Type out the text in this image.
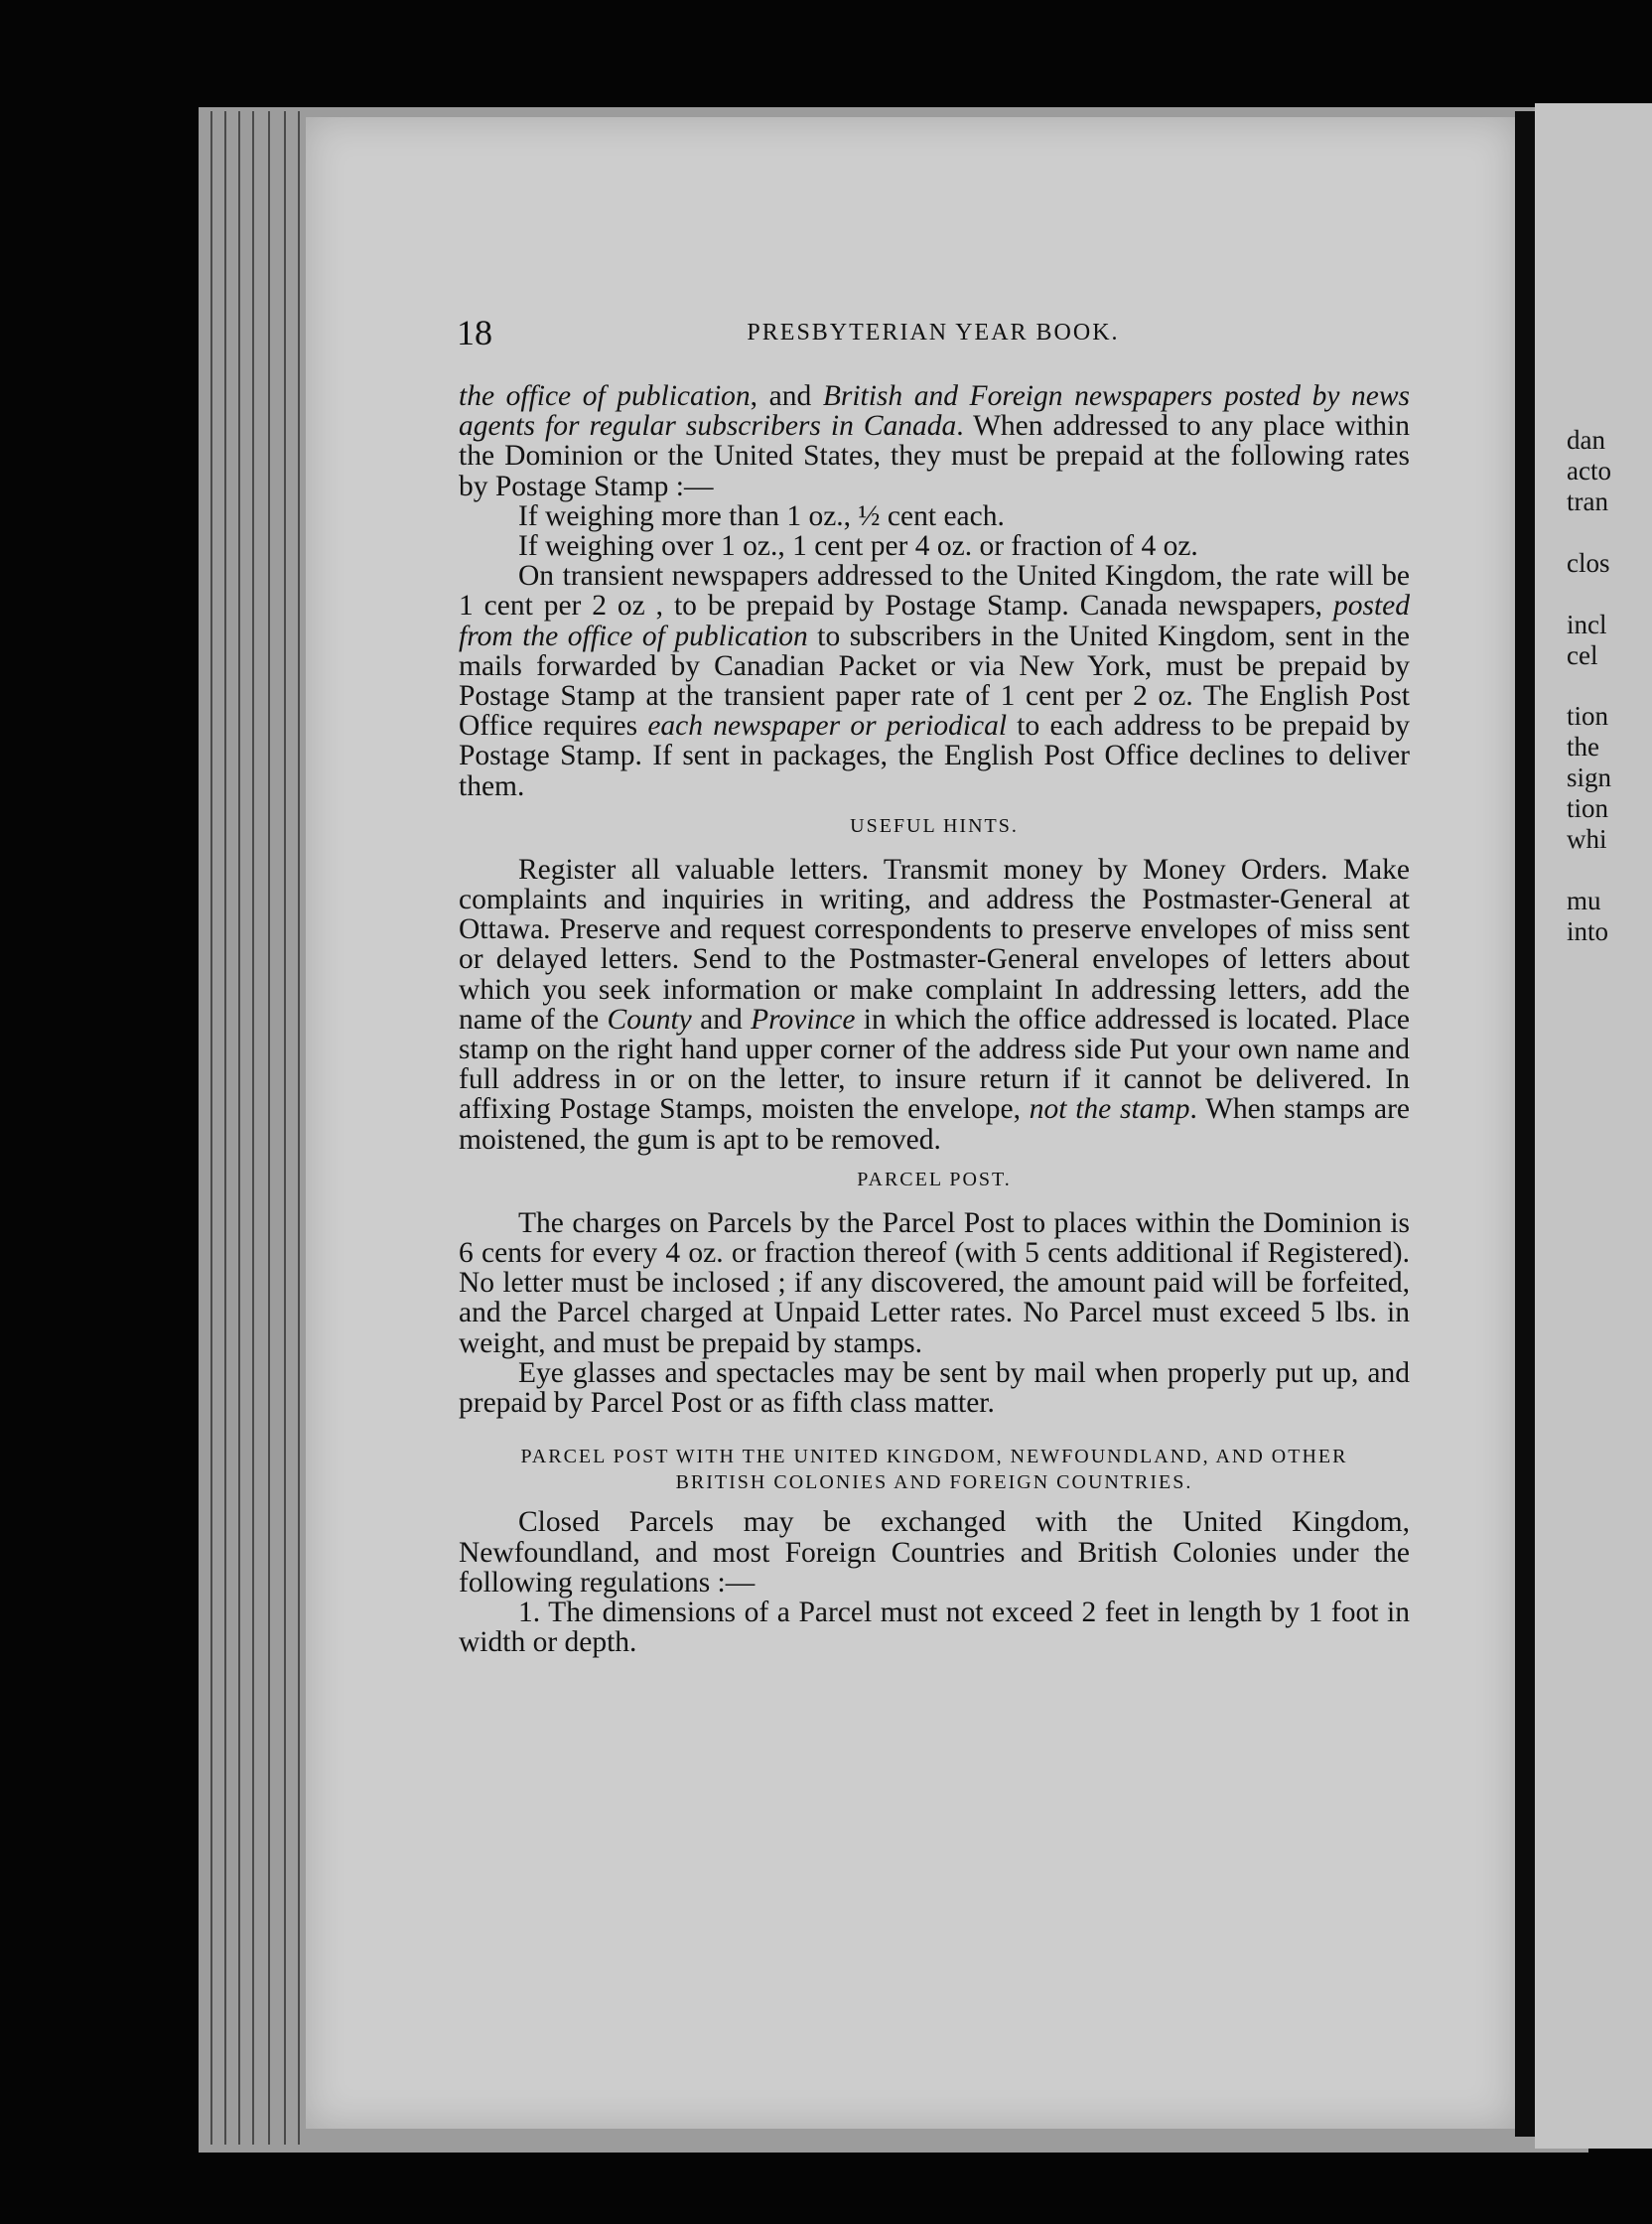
dan
acto
tran
clos
incl
cel
tion
the
sign
tion
whi
mu
into
18	PRESBYTERIAN YEAR BOOK.

the office of publication, and British and Foreign newspapers posted by news agents for regular subscribers in Canada. When addressed to any place within the Dominion or the United States, they must be prepaid at the following rates by Postage Stamp :—

If weighing more than 1 oz., ½ cent each.

If weighing over 1 oz., 1 cent per 4 oz. or fraction of 4 oz.

On transient newspapers addressed to the United Kingdom, the rate will be 1 cent per 2 oz , to be prepaid by Postage Stamp. Canada newspapers, posted from the office of publication to subscribers in the United Kingdom, sent in the mails forwarded by Canadian Packet or via New York, must be prepaid by Postage Stamp at the transient paper rate of 1 cent per 2 oz. The English Post Office requires each newspaper or periodical to each address to be prepaid by Postage Stamp. If sent in packages, the English Post Office declines to deliver them.

USEFUL HINTS.

Register all valuable letters. Transmit money by Money Orders. Make complaints and inquiries in writing, and address the Postmaster-General at Ottawa. Preserve and request correspondents to preserve envelopes of miss sent or delayed letters. Send to the Postmaster-General envelopes of letters about which you seek information or make complaint In addressing letters, add the name of the County and Province in which the office addressed is located. Place stamp on the right hand upper corner of the address side Put your own name and full address in or on the letter, to insure return if it cannot be delivered. In affixing Postage Stamps, moisten the envelope, not the stamp. When stamps are moistened, the gum is apt to be removed.

PARCEL POST.

The charges on Parcels by the Parcel Post to places within the Dominion is 6 cents for every 4 oz. or fraction thereof (with 5 cents additional if Registered). No letter must be inclosed ; if any discovered, the amount paid will be forfeited, and the Parcel charged at Unpaid Letter rates. No Parcel must exceed 5 lbs. in weight, and must be prepaid by stamps.

Eye glasses and spectacles may be sent by mail when properly put up, and prepaid by Parcel Post or as fifth class matter.

PARCEL POST WITH THE UNITED KINGDOM, NEWFOUNDLAND, AND OTHER
BRITISH COLONIES AND FOREIGN COUNTRIES.

Closed Parcels may be exchanged with the United Kingdom, Newfoundland, and most Foreign Countries and British Colonies under the following regulations :—

1. The dimensions of a Parcel must not exceed 2 feet in length by 1 foot in width or depth.
